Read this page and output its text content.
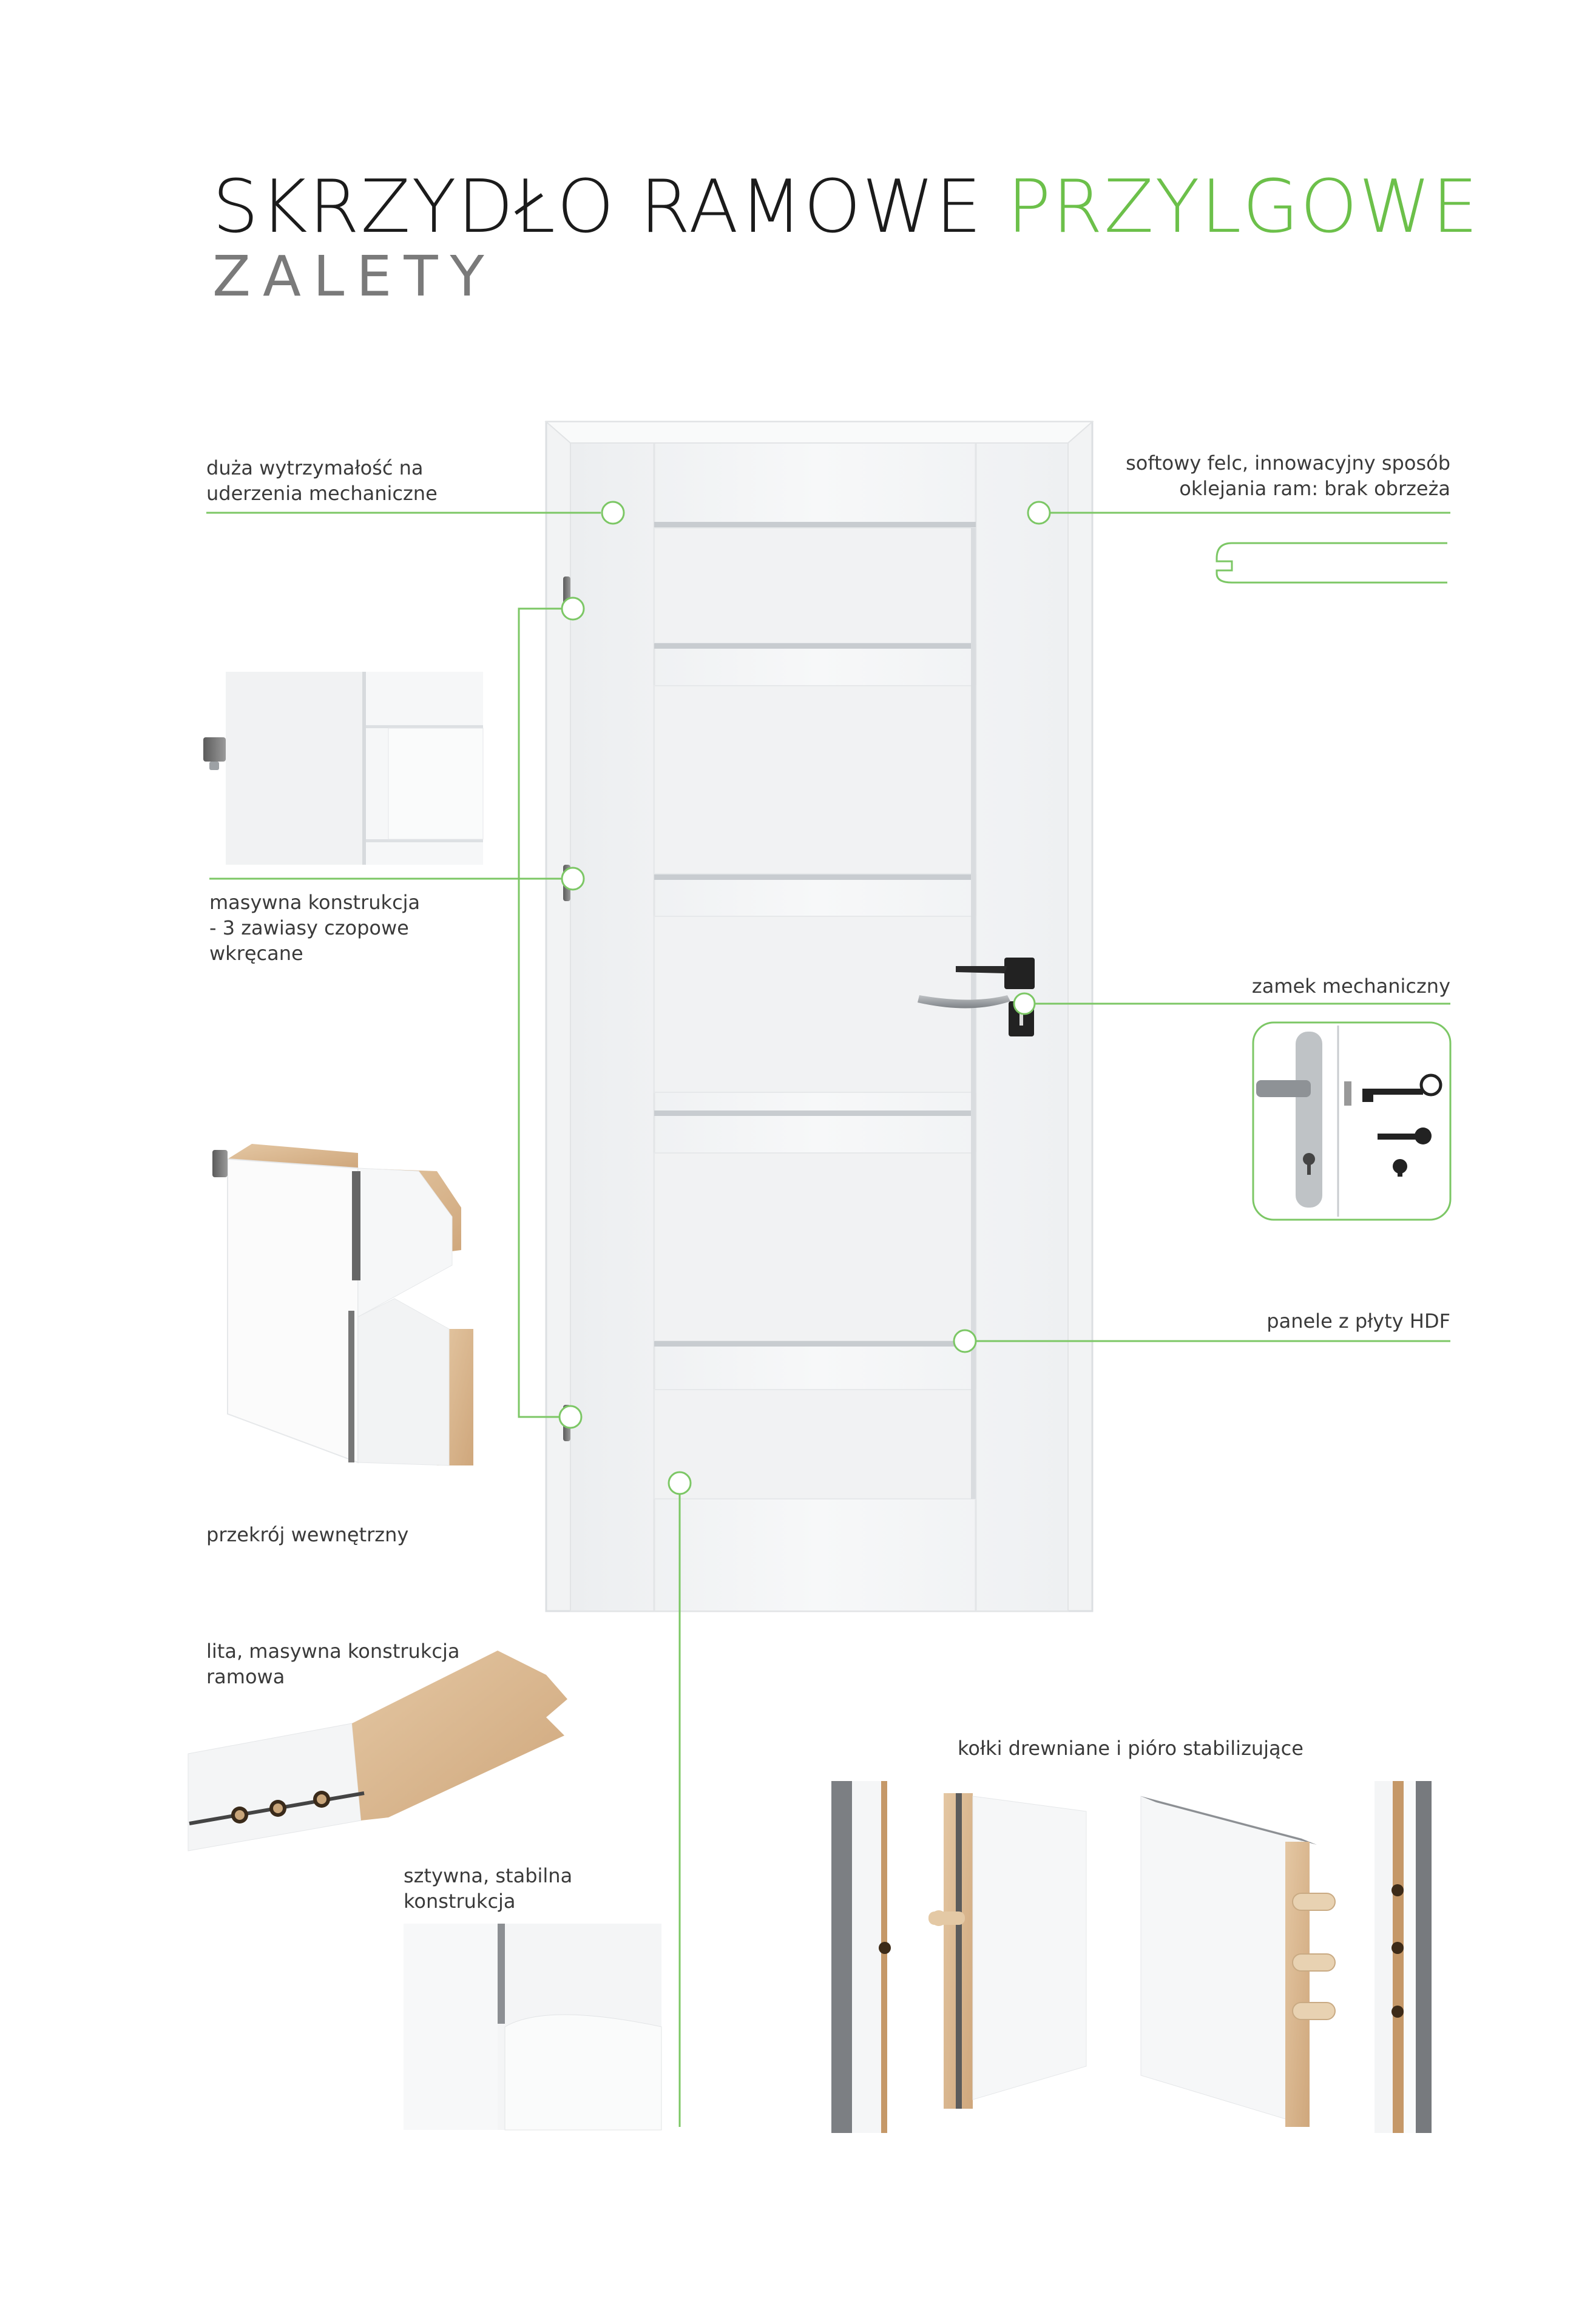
SKRZYDŁO RAMOWE PRZYLGOWE
ZALETY
duża wytrzymałość na
uderzenia mechaniczne
softowy felc, innowacyjny sposób
oklejania ram: brak obrzeża
masywna konstrukcja
- 3 zawiasy czopowe
wkręcane
zamek mechaniczny
panele z płyty HDF
przekrój wewnętrzny
lita, masywna konstrukcja
ramowa
sztywna, stabilna
konstrukcja
kołki drewniane i pióro stabilizujące
